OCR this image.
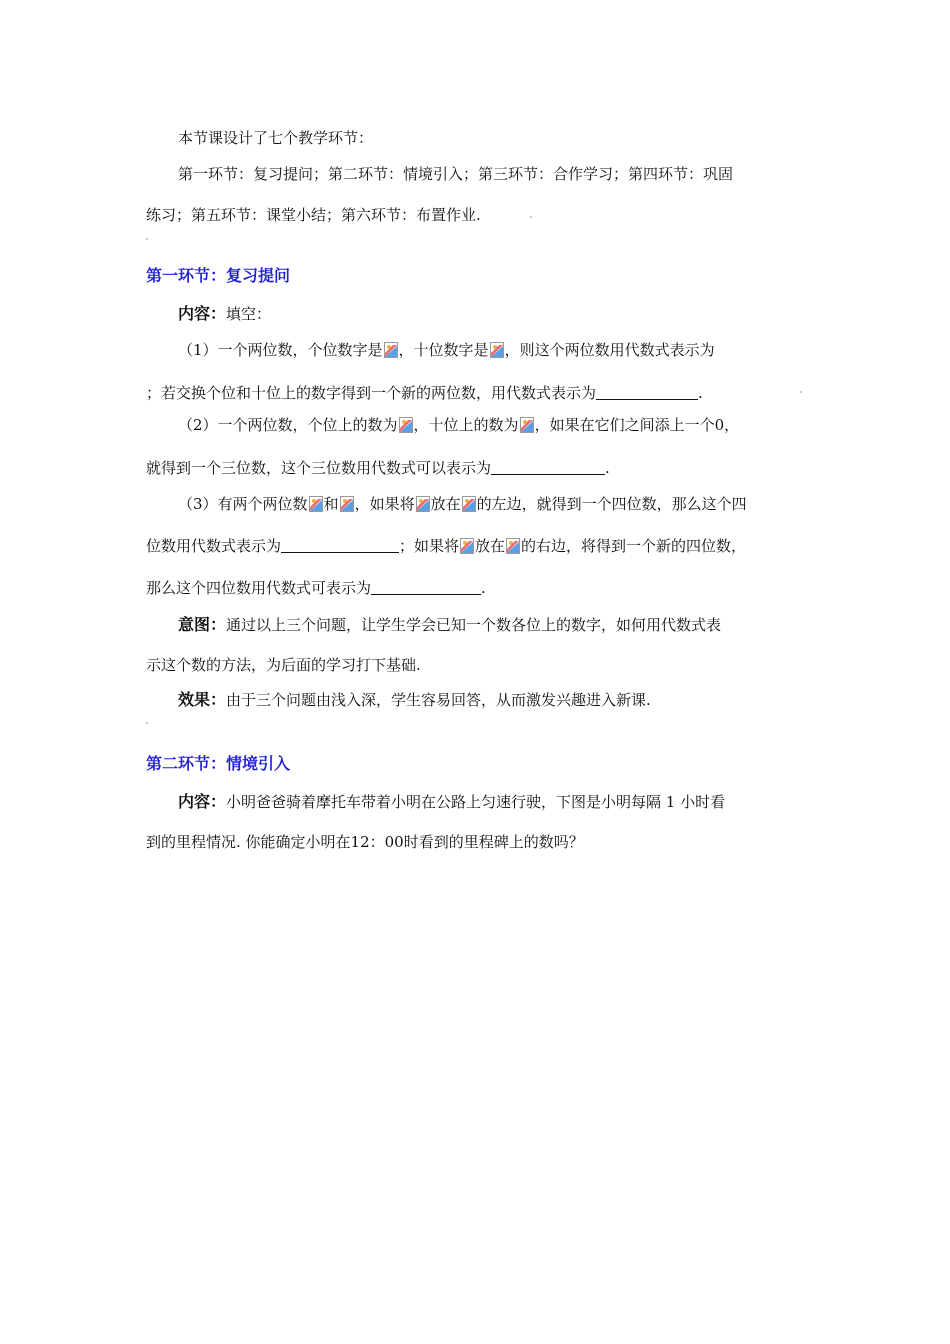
本节课设计了七个教学环节：
第一环节：复习提问；第二环节：情境引入；第三环节：合作学习；第四环节：巩固
练习；第五环节：课堂小结；第六环节：布置作业.
第一环节：复习提问
内容：填空：
（1）一个两位数，个位数字是 ，十位数字是 ，则这个两位数用代数式表示为
；若交换个位和十位上的数字得到一个新的两位数，用代数式表示为	.
（2）一个两位数，个位上的数为 ，十位上的数为 ，如果在它们之间添上一个0，
就得到一个三位数，这个三位数用代数式可以表示为	.
（3）有两个两位数 和 ，如果将 放在 的左边，就得到一个四位数，那么这个四
位数用代数式表示为	；如果将 放在 的右边，将得到一个新的四位数，
那么这个四位数用代数式可表示为	.
意图：通过以上三个问题，让学生学会已知一个数各位上的数字，如何用代数式表
示这个数的方法，为后面的学习打下基础.
效果：由于三个问题由浅入深，学生容易回答，从而激发兴趣进入新课.
第二环节：情境引入
内容：小明爸爸骑着摩托车带着小明在公路上匀速行驶，下图是小明每隔 1 小时看
到的里程情况. 你能确定小明在12：00时看到的里程碑上的数吗？
